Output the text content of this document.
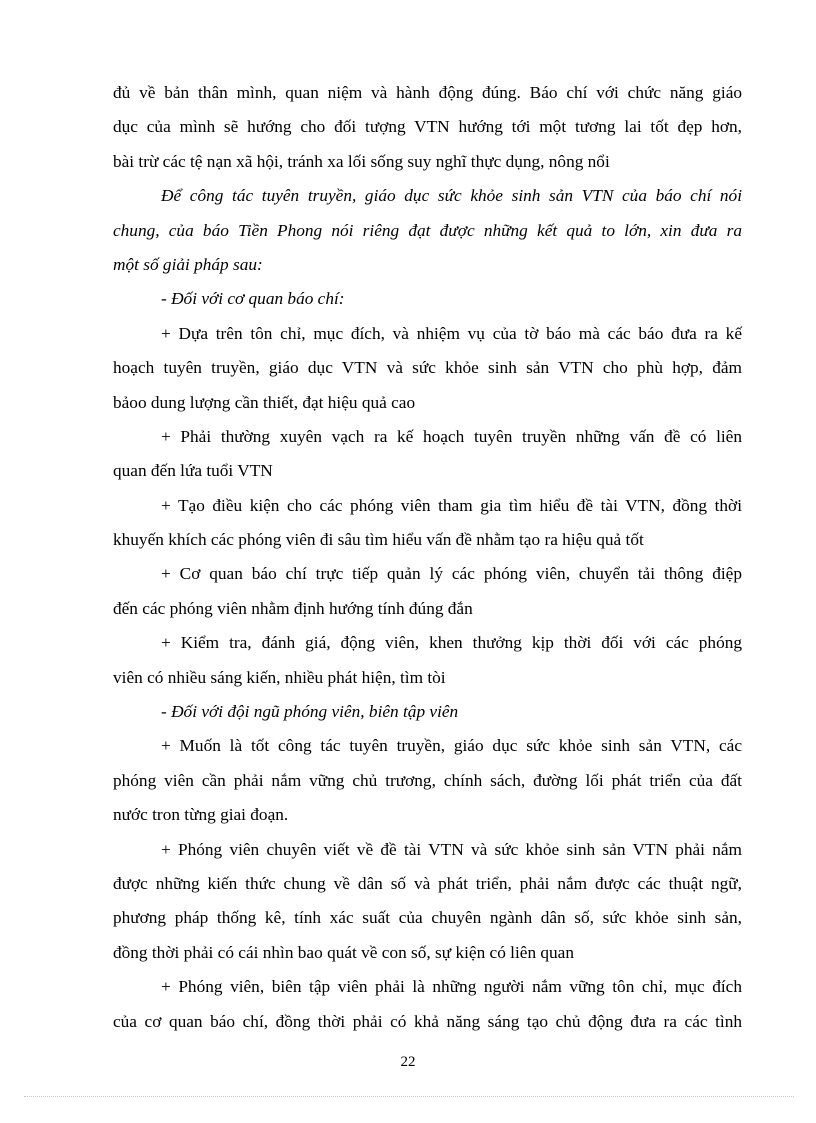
đủ về bản thân mình, quan niệm và hành động đúng. Báo chí với chức năng giáo
dục của mình sẽ hướng cho đối tượng VTN hướng tới một tương lai tốt đẹp hơn,
bài trừ các tệ nạn xã hội, tránh xa lối sống suy nghĩ thực dụng, nông nổi
Để công tác tuyên truyền, giáo dục sức khỏe sinh sản VTN của báo chí nói
chung, của báo Tiền Phong nói riêng đạt được những kết quả to lớn, xin đưa ra
một số giải pháp sau:
- Đối với cơ quan báo chí:
+ Dựa trên tôn chỉ, mục đích, và nhiệm vụ của tờ báo mà các báo đưa ra kế
hoạch tuyên truyền, giáo dục VTN và sức khỏe sinh sản VTN cho phù hợp, đảm
bảoo dung lượng cần thiết, đạt hiệu quả cao
+ Phải thường xuyên vạch ra kế hoạch tuyên truyền những vấn đề có liên
quan đến lứa tuổi VTN
+ Tạo điều kiện cho các phóng viên tham gia tìm hiểu đề tài VTN, đồng thời
khuyến khích các phóng viên đi sâu tìm hiểu vấn đề nhằm tạo ra hiệu quả tốt
+ Cơ quan báo chí trực tiếp quản lý các phóng viên, chuyển tải thông điệp
đến các phóng viên nhằm định hướng tính đúng đắn
+ Kiểm tra, đánh giá, động viên, khen thưởng kịp thời đối với các phóng
viên có nhiều sáng kiến, nhiều phát hiện, tìm tòi
- Đối với đội ngũ phóng viên, biên tập viên
+ Muốn là tốt công tác tuyên truyền, giáo dục sức khỏe sinh sản VTN, các
phóng viên cần phải nắm vững chủ trương, chính sách, đường lối phát triển của đất
nước tron từng giai đoạn.
+ Phóng viên chuyên viết về đề tài VTN và sức khỏe sinh sản VTN phải nắm
được những kiến thức chung về dân số và phát triển, phải nắm được các thuật ngữ,
phương pháp thống kê, tính xác suất của chuyên ngành dân số, sức khỏe sinh sản,
đồng thời phải có cái nhìn bao quát về con số, sự kiện có liên quan
+ Phóng viên, biên tập viên phải là những người nắm vững tôn chỉ, mục đích
của cơ quan báo chí, đồng thời phải có khả năng sáng tạo chủ động đưa ra các tình
22
